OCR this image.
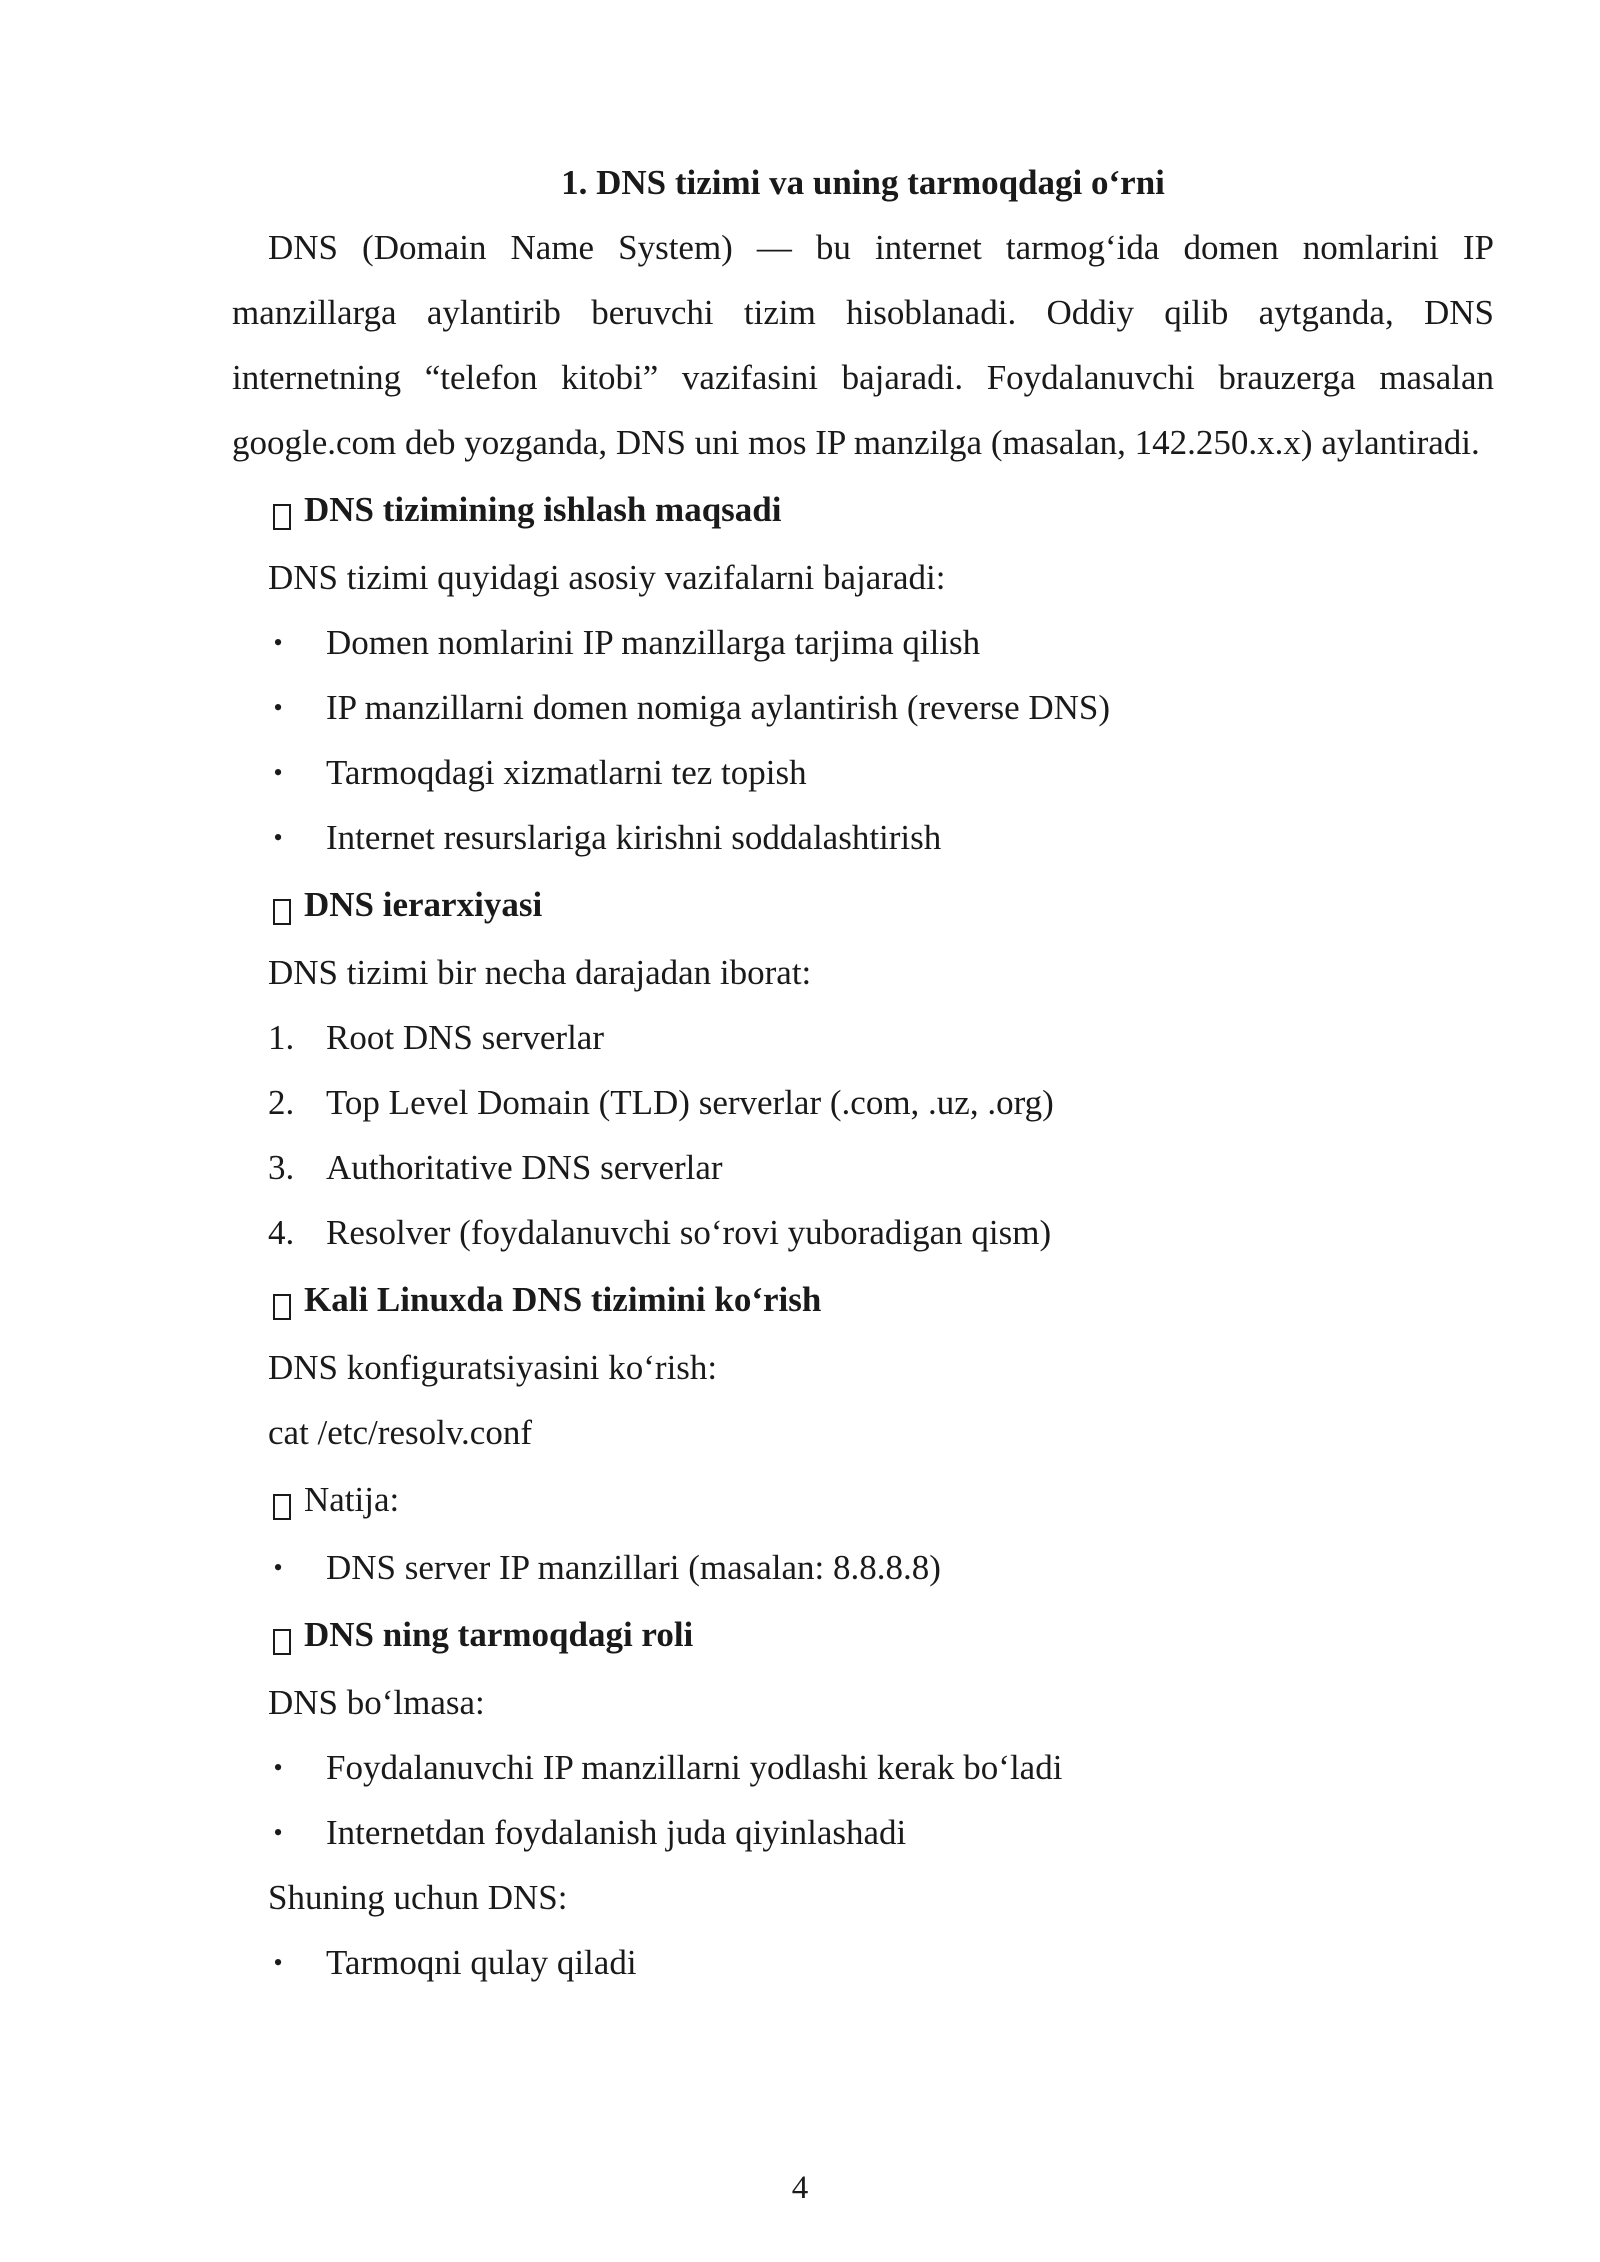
1. DNS tizimi va uning tarmoqdagi o‘rni

DNS (Domain Name System) — bu internet tarmog‘ida domen nomlarini IP manzillarga aylantirib beruvchi tizim hisoblanadi. Oddiy qilib aytganda, DNS internetning “telefon kitobi” vazifasini bajaradi. Foydalanuvchi brauzerga masalan google.com deb yozganda, DNS uni mos IP manzilga (masalan, 142.250.x.x) aylantiradi.

DNS tizimining ishlash maqsadi
DNS tizimi quyidagi asosiy vazifalarni bajaradi:
• Domen nomlarini IP manzillarga tarjima qilish
• IP manzillarni domen nomiga aylantirish (reverse DNS)
• Tarmoqdagi xizmatlarni tez topish
• Internet resurslariga kirishni soddalashtirish
DNS ierarxiyasi
DNS tizimi bir necha darajadan iborat:
1. Root DNS serverlar
2. Top Level Domain (TLD) serverlar (.com, .uz, .org)
3. Authoritative DNS serverlar
4. Resolver (foydalanuvchi so‘rovi yuboradigan qism)
Kali Linuxda DNS tizimini ko‘rish
DNS konfiguratsiyasini ko‘rish:
cat /etc/resolv.conf
Natija:
• DNS server IP manzillari (masalan: 8.8.8.8)
DNS ning tarmoqdagi roli
DNS bo‘lmasa:
• Foydalanuvchi IP manzillarni yodlashi kerak bo‘ladi
• Internetdan foydalanish juda qiyinlashadi
Shuning uchun DNS:
• Tarmoqni qulay qiladi
4
